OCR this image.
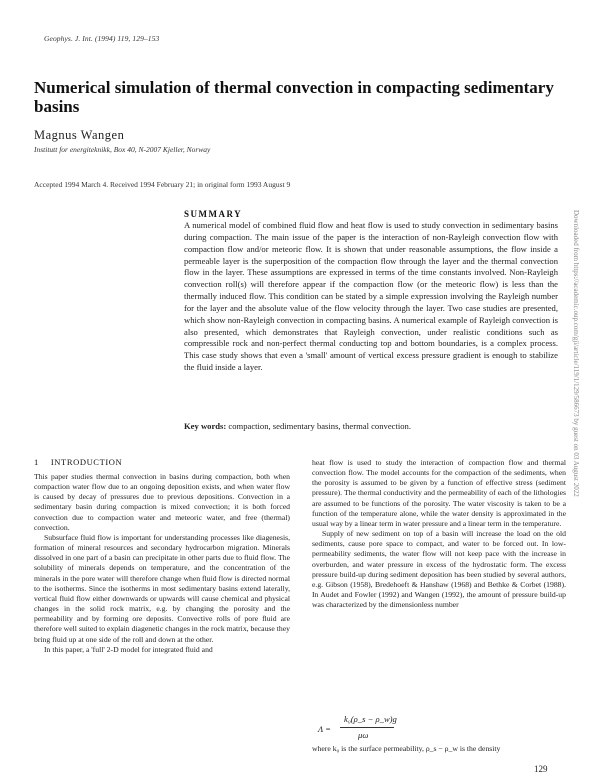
Geophys. J. Int. (1994) 119, 129–153
Numerical simulation of thermal convection in compacting sedimentary basins
Magnus Wangen
Institutt for energiteknikk, Box 40, N-2007 Kjeller, Norway
Accepted 1994 March 4. Received 1994 February 21; in original form 1993 August 9
SUMMARY
A numerical model of combined fluid flow and heat flow is used to study convection in sedimentary basins during compaction. The main issue of the paper is the interaction of non-Rayleigh convection flow with compaction flow and/or meteoric flow. It is shown that under reasonable assumptions, the flow inside a permeable layer is the superposition of the compaction flow through the layer and the thermal convection flow in the layer. These assumptions are expressed in terms of the time constants involved. Non-Rayleigh convection roll(s) will therefore appear if the compaction flow (or the meteoric flow) is less than the thermally induced flow. This condition can be stated by a simple expression involving the Rayleigh number for the layer and the absolute value of the flow velocity through the layer. Two case studies are presented, which show non-Rayleigh convection in compacting basins. A numerical example of Rayleigh convection is also presented, which demonstrates that Rayleigh convection, under realistic conditions such as compressible rock and non-perfect thermal conducting top and bottom boundaries, is a complex process. This case study shows that even a 'small' amount of vertical excess pressure gradient is enough to stabilize the fluid inside a layer.
Key words: compaction, sedimentary basins, thermal convection.
1 INTRODUCTION

This paper studies thermal convection in basins during compaction, both when compaction water flow due to an ongoing deposition exists, and when water flow is caused by decay of pressures due to previous depositions. Convection in a sedimentary basin during compaction is mixed convection; it is both forced convection due to compaction water and meteoric water, and free (thermal) convection.

Subsurface fluid flow is important for understanding processes like diagenesis, formation of mineral resources and secondary hydrocarbon migration. Minerals dissolved in one part of a basin can precipitate in other parts due to fluid flow. The solubility of minerals depends on temperature, and the concentration of the minerals in the pore water will therefore change when fluid flow is directed normal to the isotherms. Since the isotherms in most sedimentary basins extend laterally, vertical fluid flow either downwards or upwards will cause chemical and physical changes in the solid rock matrix, e.g. by changing the porosity and the permeability and by forming ore deposits. Convective rolls of pore fluid are therefore well suited to explain diagenetic changes in the rock matrix, because they bring fluid up at one side of the roll and down at the other.

In this paper, a 'full' 2-D model for integrated fluid and

heat flow is used to study the interaction of compaction flow and thermal convection flow. The model accounts for the compaction of the sediments, when the porosity is assumed to be given by a function of effective stress (sediment pressure). The thermal conductivity and the permeability of each of the lithologies are assumed to be functions of the porosity. The water viscosity is taken to be a function of the temperature alone, while the water density is approximated in the usual way by a linear term in water pressure and a linear term in the temperature.

Supply of new sediment on top of a basin will increase the load on the old sediments, cause pore space to compact, and water to be forced out. In low-permeability sediments, the water flow will not keep pace with the increase in overburden, and water pressure in excess of the hydrostatic form. The excess pressure build-up during sediment deposition has been studied by several authors, e.g. Gibson (1958), Bredehoeft & Hanshaw (1968) and Bethke & Corbet (1988). In Audet and Fowler (1992) and Wangen (1992), the amount of pressure build-up was characterized by the dimensionless number

Λ =
k₀(ρ_s − ρ_w)g
μω
where k₀ is the surface permeability, ρ_s − ρ_w is the density
129
Downloaded from https://academic.oup.com/gji/article/119/1/129/586673 by guest on 03 August 2022
